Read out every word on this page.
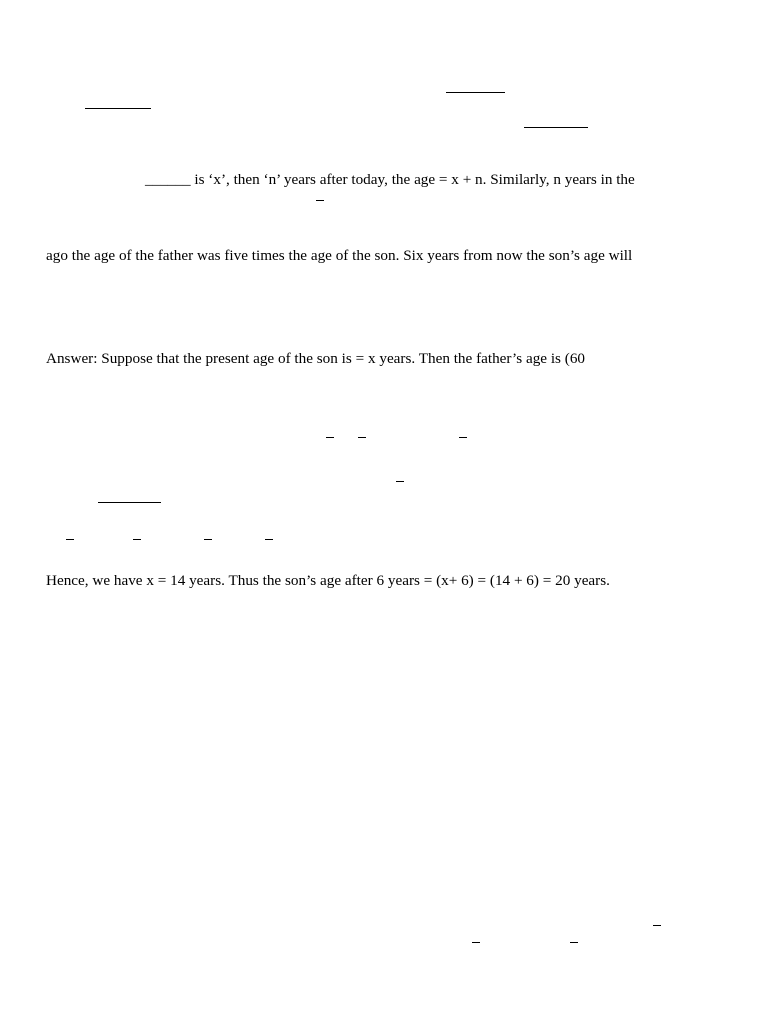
______ is ‘x’, then ‘n’ years after today, the age = x + n. Similarly, n years in the
ago the age of the father was five times the age of the son. Six years from now the son’s age will
Answer: Suppose that the present age of the son is = x years. Then the father’s age is (60
Hence, we have x = 14 years. Thus the son’s age after 6 years = (x+ 6) = (14 + 6) = 20 years.
